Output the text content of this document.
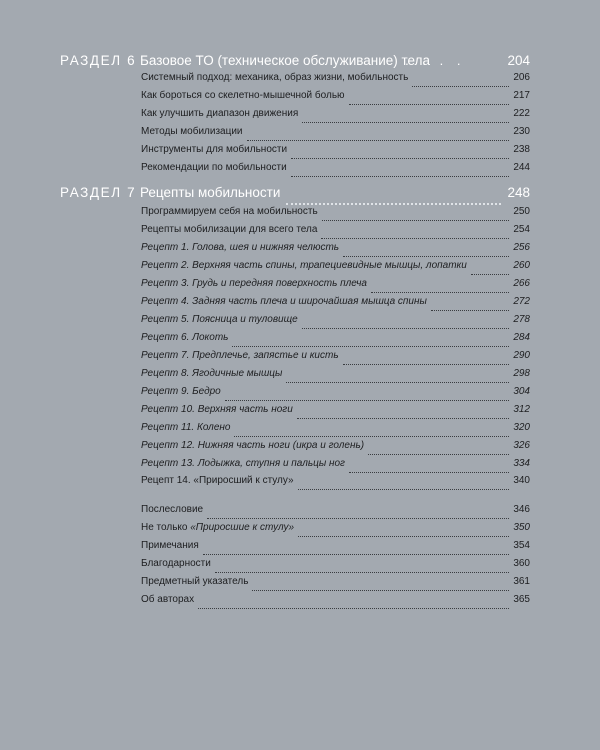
РАЗДЕЛ 6 Базовое ТО (техническое обслуживание) тела	204
Системный подход: механика, образ жизни, мобильность	206
Как бороться со скелетно-мышечной болью	217
Как улучшить диапазон движения	222
Методы мобилизации	230
Инструменты для мобильности	238
Рекомендации по мобильности	244
РАЗДЕЛ 7 Рецепты мобильности	248
Программируем себя на мобильность	250
Рецепты мобилизации для всего тела	254
Рецепт 1. Голова, шея и нижняя челюсть	256
Рецепт 2. Верхняя часть спины, трапециевидные мышцы, лопатки	260
Рецепт 3. Грудь и передняя поверхность плеча	266
Рецепт 4. Задняя часть плеча и широчайшая мышца спины	272
Рецепт 5. Поясница и туловище	278
Рецепт 6. Локоть	284
Рецепт 7. Предплечье, запястье и кисть	290
Рецепт 8. Ягодичные мышцы	298
Рецепт 9. Бедро	304
Рецепт 10. Верхняя часть ноги	312
Рецепт 11. Колено	320
Рецепт 12. Нижняя часть ноги (икра и голень)	326
Рецепт 13. Лодыжка, ступня и пальцы ног	334
Рецепт 14. «Приросший к стулу»	340
Послесловие	346
Не только «Приросшие к стулу»	350
Примечания	354
Благодарности	360
Предметный указатель	361
Об авторах	365
